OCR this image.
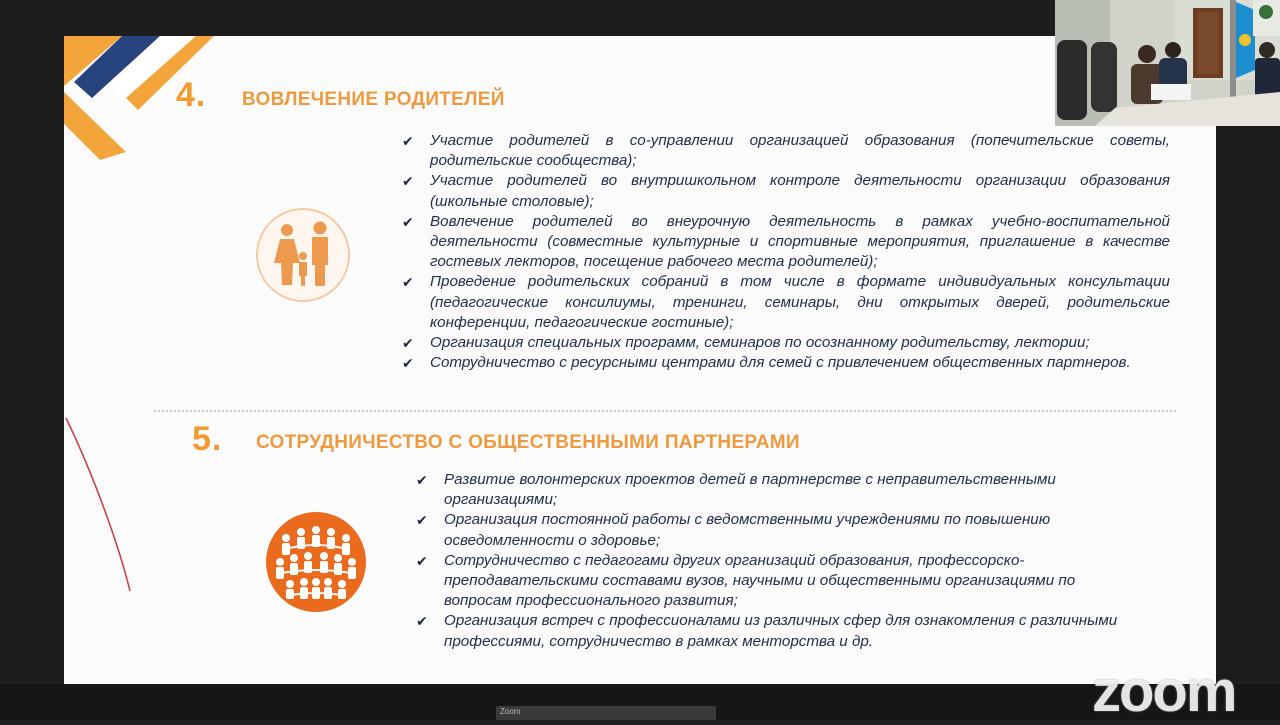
4. ВОВЛЕЧЕНИЕ РОДИТЕЛЕЙ
✔ Участие родителей в со-управлении организацией образования (попечительские советы, родительские сообщества);
✔ Участие родителей во внутришкольном контроле деятельности организации образования (школьные столовые);
✔ Вовлечение родителей во внеурочную деятельность в рамках учебно-воспитательной деятельности (совместные культурные и спортивные мероприятия, приглашение в качестве гостевых лекторов, посещение рабочего места родителей);
✔ Проведение родительских собраний в том числе в формате индивидуальных консультации (педагогические консилиумы, тренинги, семинары, дни открытых дверей, родительские конференции, педагогические гостиные);
✔ Организация специальных программ, семинаров по осознанному родительству, лектории;
✔ Сотрудничество с ресурсными центрами для семей с привлечением общественных партнеров.
5. СОТРУДНИЧЕСТВО С ОБЩЕСТВЕННЫМИ ПАРТНЕРАМИ
✔ Развитие волонтерских проектов детей в партнерстве с неправительственными организациями;
✔ Организация постоянной работы с ведомственными учреждениями по повышению осведомленности о здоровье;
✔ Сотрудничество с педагогами других организаций образования, профессорско-преподавательскими составами вузов, научными и общественными организациями по вопросам профессионального развития;
✔ Организация встреч с профессионалами из различных сфер для ознакомления с различными профессиями, сотрудничество в рамках менторства и др.
zoom
Zoom
